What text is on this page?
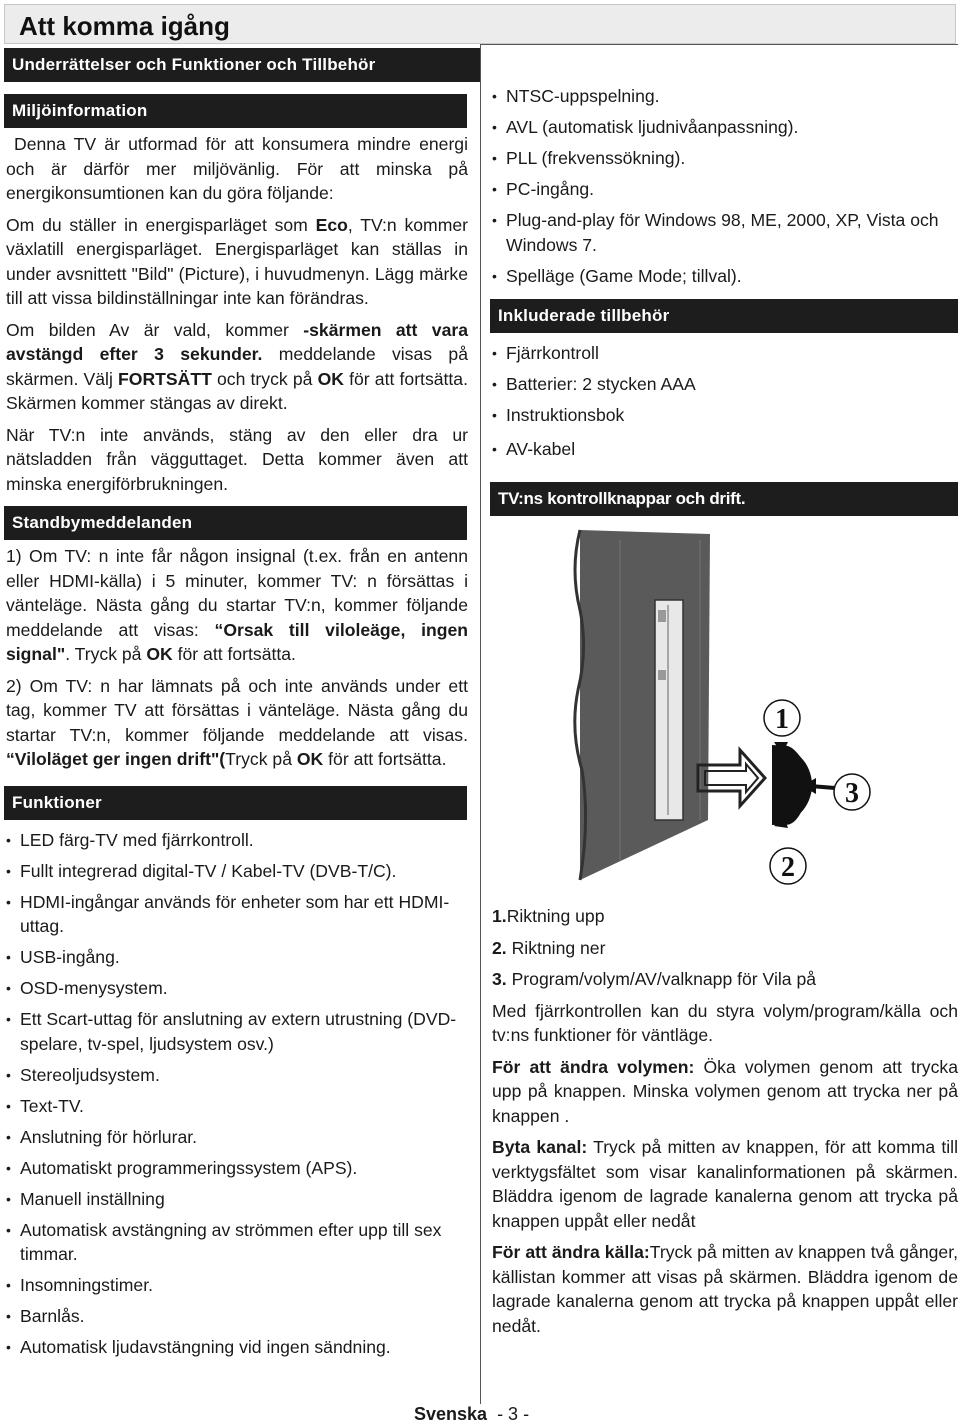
Att komma igång
Underrättelser och Funktioner och Tillbehör
Miljöinformation

Denna TV är utformad för att konsumera mindre energi och är därför mer miljövänlig. För att minska på energikonsumtionen kan du göra följande:

Om du ställer in energisparläget som Eco, TV:n kommer växlatill energisparläget. Energisparläget kan ställas in under avsnittett "Bild" (Picture), i huvudmenyn. Lägg märke till att vissa bildinställningar inte kan förändras.

Om bilden Av är vald, kommer -skärmen att vara avstängd efter 3 sekunder. meddelande visas på skärmen. Välj FORTSÄTT och tryck på OK för att fortsätta. Skärmen kommer stängas av direkt.

När TV:n inte används, stäng av den eller dra ur nätsladden från vägguttaget. Detta kommer även att minska energiförbrukningen.

Standbymeddelanden

1) Om TV: n inte får någon insignal (t.ex. från en antenn eller HDMI-källa) i 5 minuter, kommer TV: n försättas i vänteläge. Nästa gång du startar TV:n, kommer följande meddelande att visas: “Orsak till viloleäge, ingen signal". Tryck på OK för att fortsätta.

2) Om TV: n har lämnats på och inte används under ett tag, kommer TV att försättas i vänteläge. Nästa gång du startar TV:n, kommer följande meddelande att visas. “Viloläget ger ingen drift"(Tryck på OK för att fortsätta.

Funktioner
• LED färg-TV med fjärrkontroll.
• Fullt integrerad digital-TV / Kabel-TV (DVB-T/C).
• HDMI-ingångar används för enheter som har ett HDMI-uttag.
• USB-ingång.
• OSD-menysystem.
• Ett Scart-uttag för anslutning av extern utrustning (DVD-spelare, tv-spel, ljudsystem osv.)
• Stereoljudsystem.
• Text-TV.
• Anslutning för hörlurar.
• Automatiskt programmeringssystem (APS).
• Manuell inställning
• Automatisk avstängning av strömmen efter upp till sex timmar.
• Insomningstimer.
• Barnlås.
• Automatisk ljudavstängning vid ingen sändning.
• NTSC-uppspelning.
• AVL (automatisk ljudnivåanpassning).
• PLL (frekvenssökning).
• PC-ingång.
• Plug-and-play för Windows 98, ME, 2000, XP, Vista och Windows 7.
• Spelläge (Game Mode; tillval).
Inkluderade tillbehör
• Fjärrkontroll
• Batterier: 2 stycken AAA
• Instruktionsbok
• AV-kabel
TV:ns kontrollknappar och drift.

1.Riktning upp

2. Riktning ner

3. Program/volym/AV/valknapp för Vila på

Med fjärrkontrollen kan du styra volym/program/källa och tv:ns funktioner för väntläge.

För att ändra volymen: Öka volymen genom att trycka upp på knappen. Minska volymen genom att trycka ner på knappen .

Byta kanal: Tryck på mitten av knappen, för att komma till verktygsfältet som visar kanalinformationen på skärmen. Bläddra igenom de lagrade kanalerna genom att trycka på knappen uppåt eller nedåt

För att ändra källa:Tryck på mitten av knappen två gånger, källistan kommer att visas på skärmen. Bläddra igenom de lagrade kanalerna genom att trycka på knappen uppåt eller nedåt.

1
3
2
Svenska - 3 -
